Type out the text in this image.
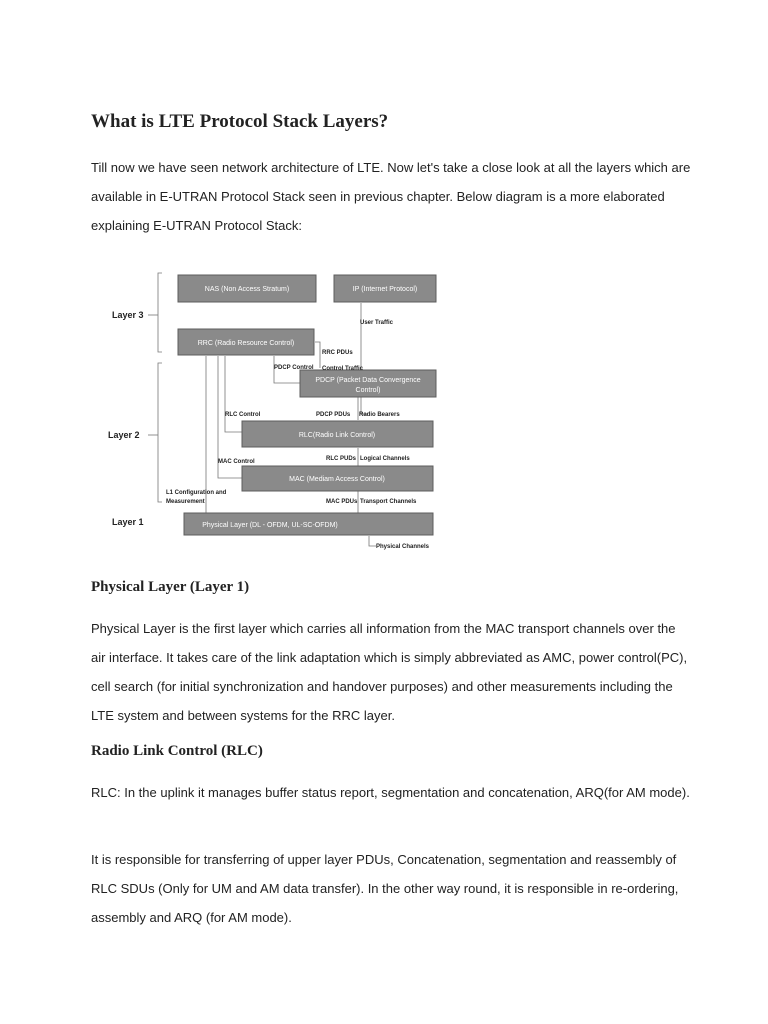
What is LTE Protocol Stack Layers?

Till now we have seen network architecture of LTE. Now let's take a close look at all the layers which are available in E-UTRAN Protocol Stack seen in previous chapter. Below diagram is a more elaborated explaining E-UTRAN Protocol Stack:

Layer 3
Layer 2
Layer 1
NAS (Non Access Stratum)	IP (Internet Protocol)
RRC (Radio Resource Control)
PDCP (Packet Data Convergence
Control)
RLC(Radio Link Control)
MAC (Mediam Access Control)
Physical Layer (DL - OFDM, UL-SC-OFDM)
User Traffic
RRC PDUs
PDCP Control Control Traffic
RLC Control	PDCP PDUs Radio Bearers
RLC PUDs Logical Channels
MAC Control
L1 Configuration and
Measurement	MAC PDUs Transport Channels
Physical Channels
Physical Layer (Layer 1)

Physical Layer is the first layer which carries all information from the MAC transport channels over the air interface. It takes care of the link adaptation which is simply abbreviated as AMC, power control(PC), cell search (for initial synchronization and handover purposes) and other measurements including the LTE system and between systems for the RRC layer.

Radio Link Control (RLC)

RLC: In the uplink it manages buffer status report, segmentation and concatenation, ARQ(for AM mode).

It is responsible for transferring of upper layer PDUs, Concatenation, segmentation and reassembly of RLC SDUs (Only for UM and AM data transfer). In the other way round, it is responsible in re-ordering, assembly and ARQ (for AM mode).
